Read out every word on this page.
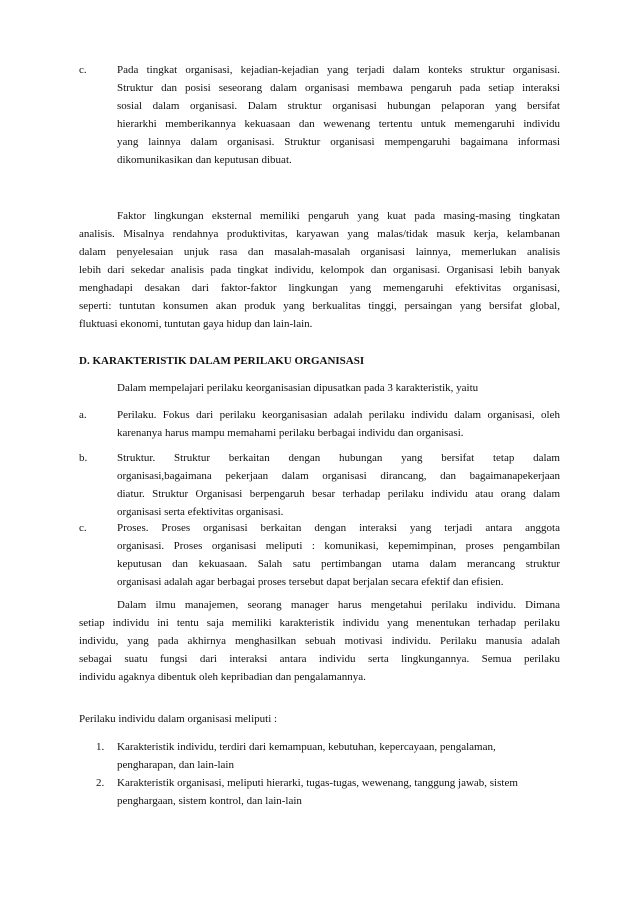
c.	Pada tingkat organisasi, kejadian-kejadian yang terjadi dalam konteks struktur organisasi.
Struktur dan posisi seseorang dalam organisasi membawa pengaruh pada setiap interaksi
sosial dalam organisasi. Dalam struktur organisasi hubungan pelaporan yang bersifat
hierarkhi memberikannya kekuasaan dan wewenang tertentu untuk memengaruhi individu
yang lainnya dalam organisasi. Struktur organisasi mempengaruhi bagaimana informasi
dikomunikasikan dan keputusan dibuat.
Faktor lingkungan eksternal memiliki pengaruh yang kuat pada masing-masing tingkatan
analisis. Misalnya rendahnya produktivitas, karyawan yang malas/tidak masuk kerja, kelambanan
dalam penyelesaian unjuk rasa dan masalah-masalah organisasi lainnya, memerlukan analisis
lebih dari sekedar analisis pada tingkat individu, kelompok dan organisasi. Organisasi lebih banyak
menghadapi desakan dari faktor-faktor lingkungan yang memengaruhi efektivitas organisasi,
seperti: tuntutan konsumen akan produk yang berkualitas tinggi, persaingan yang bersifat global,
fluktuasi ekonomi, tuntutan gaya hidup dan lain-lain.
D. KARAKTERISTIK DALAM PERILAKU ORGANISASI
Dalam mempelajari perilaku keorganisasian dipusatkan pada 3 karakteristik, yaitu
a.	Perilaku. Fokus dari perilaku keorganisasian adalah perilaku individu dalam organisasi, oleh
karenanya harus mampu memahami perilaku berbagai individu dan organisasi.
b.	Struktur. Struktur berkaitan dengan hubungan yang bersifat tetap dalam
organisasi,bagaimana pekerjaan dalam organisasi dirancang, dan bagaimanapekerjaan
diatur. Struktur Organisasi berpengaruh besar terhadap perilaku individu atau orang dalam
organisasi serta efektivitas organisasi.
c.	Proses. Proses organisasi berkaitan dengan interaksi yang terjadi antara anggota
organisasi. Proses organisasi meliputi : komunikasi, kepemimpinan, proses pengambilan
keputusan dan kekuasaan. Salah satu pertimbangan utama dalam merancang struktur
organisasi adalah agar berbagai proses tersebut dapat berjalan secara efektif dan efisien.
Dalam ilmu manajemen, seorang manager harus mengetahui perilaku individu. Dimana
setiap individu ini tentu saja memiliki karakteristik individu yang menentukan terhadap perilaku
individu, yang pada akhirnya menghasilkan sebuah motivasi individu. Perilaku manusia adalah
sebagai suatu fungsi dari interaksi antara individu serta lingkungannya. Semua perilaku
individu agaknya dibentuk oleh kepribadian dan pengalamannya.
Perilaku individu dalam organisasi meliputi :
1. Karakteristik individu, terdiri dari kemampuan, kebutuhan, kepercayaan, pengalaman,
pengharapan, dan lain-lain
2. Karakteristik organisasi, meliputi hierarki, tugas-tugas, wewenang, tanggung jawab, sistem
penghargaan, sistem kontrol, dan lain-lain
